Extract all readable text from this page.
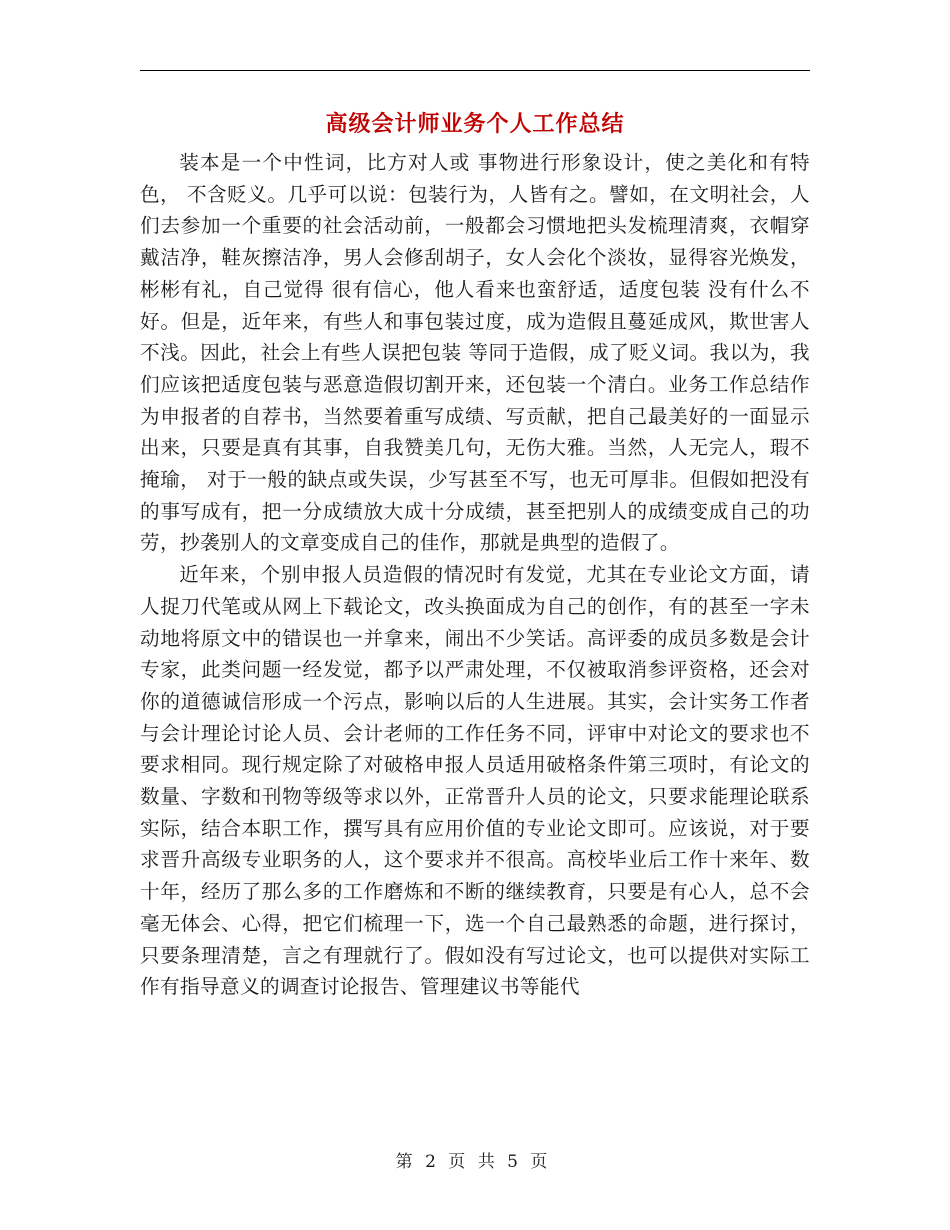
高级会计师业务个人工作总结

装本是一个中性词，比方对人或 事物进行形象设计，使之美化和有特色， 不含贬义。几乎可以说：包装行为，人皆有之。譬如，在文明社会，人们去参加一个重要的社会活动前，一般都会习惯地把头发梳理清爽，衣帽穿戴洁净，鞋灰擦洁净，男人会修刮胡子，女人会化个淡妆，显得容光焕发，彬彬有礼，自己觉得 很有信心，他人看来也蛮舒适，适度包装 没有什么不好。但是，近年来，有些人和事包装过度，成为造假且蔓延成风，欺世害人不浅。因此，社会上有些人误把包装 等同于造假，成了贬义词。我以为，我们应该把适度包装与恶意造假切割开来，还包装一个清白。业务工作总结作为申报者的自荐书，当然要着重写成绩、写贡献，把自己最美好的一面显示出来，只要是真有其事，自我赞美几句，无伤大雅。当然，人无完人，瑕不掩瑜， 对于一般的缺点或失误，少写甚至不写，也无可厚非。但假如把没有的事写成有，把一分成绩放大成十分成绩，甚至把别人的成绩变成自己的功劳，抄袭别人的文章变成自己的佳作，那就是典型的造假了。

近年来，个别申报人员造假的情况时有发觉，尤其在专业论文方面，请人捉刀代笔或从网上下载论文，改头换面成为自己的创作，有的甚至一字未动地将原文中的错误也一并拿来，闹出不少笑话。高评委的成员多数是会计专家，此类问题一经发觉，都予以严肃处理，不仅被取消参评资格，还会对你的道德诚信形成一个污点，影响以后的人生进展。其实，会计实务工作者与会计理论讨论人员、会计老师的工作任务不同，评审中对论文的要求也不要求相同。现行规定除了对破格申报人员适用破格条件第三项时，有论文的数量、字数和刊物等级等求以外，正常晋升人员的论文，只要求能理论联系实际，结合本职工作，撰写具有应用价值的专业论文即可。应该说，对于要求晋升高级专业职务的人，这个要求并不很高。高校毕业后工作十来年、数十年，经历了那么多的工作磨炼和不断的继续教育，只要是有心人，总不会毫无体会、心得，把它们梳理一下，选一个自己最熟悉的命题，进行探讨，只要条理清楚，言之有理就行了。假如没有写过论文，也可以提供对实际工作有指导意义的调查讨论报告、管理建议书等能代

第 2 页 共 5 页
